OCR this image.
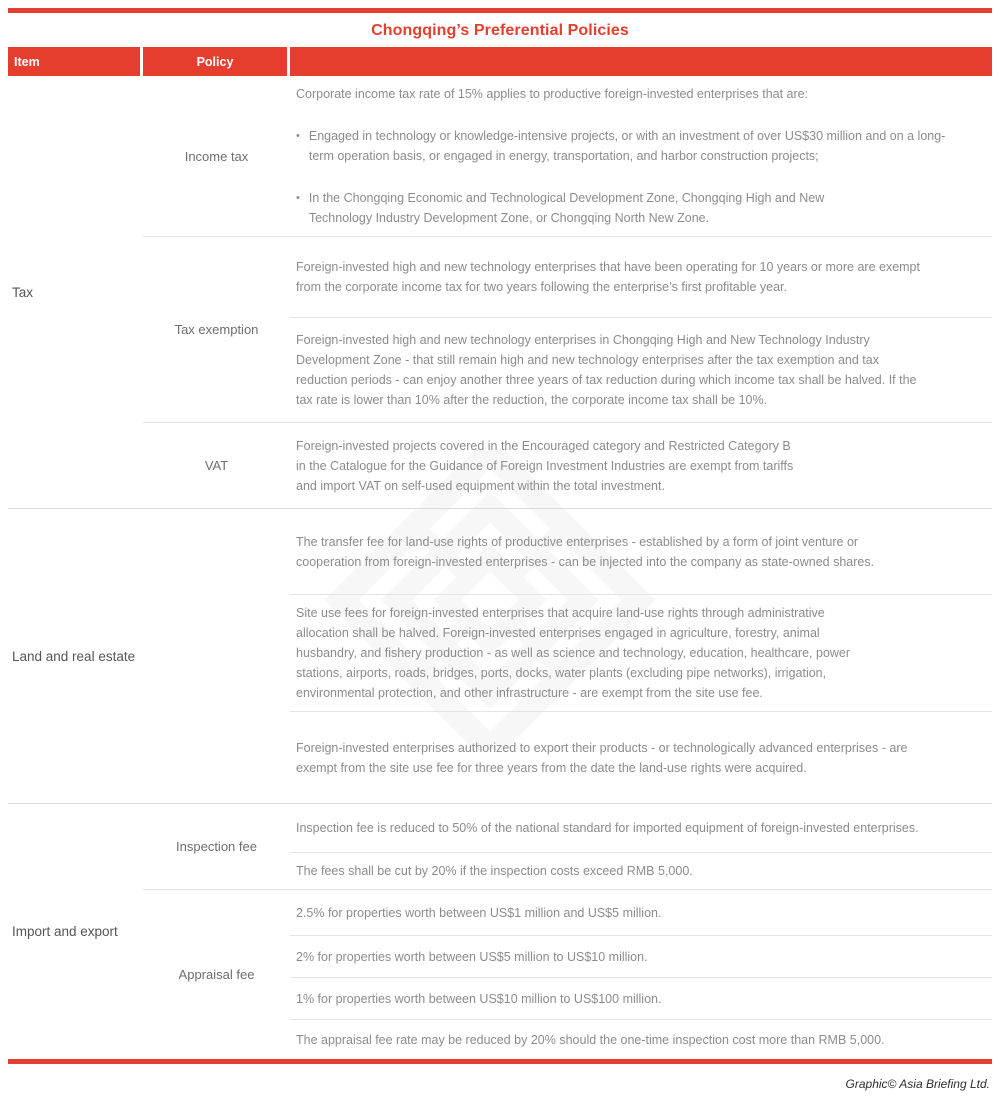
Chongqing’s Preferential Policies
Item	Policy
Tax
Income tax

Corporate income tax rate of 15% applies to productive foreign-invested enterprises that are:

• Engaged in technology or knowledge-intensive projects, or with an investment of over US$30 million and on a long-term operation basis, or engaged in energy, transportation, and harbor construction projects;

• In the Chongqing Economic and Technological Development Zone, Chongqing High and New Technology Industry Development Zone, or Chongqing North New Zone.

Tax exemption

Foreign-invested high and new technology enterprises that have been operating for 10 years or more are exempt from the corporate income tax for two years following the enterprise’s first profitable year.

Foreign-invested high and new technology enterprises in Chongqing High and New Technology Industry Development Zone - that still remain high and new technology enterprises after the tax exemption and tax reduction periods - can enjoy another three years of tax reduction during which income tax shall be halved. If the tax rate is lower than 10% after the reduction, the corporate income tax shall be 10%.

VAT

Foreign-invested projects covered in the Encouraged category and Restricted Category B in the Catalogue for the Guidance of Foreign Investment Industries are exempt from tariffs and import VAT on self-used equipment within the total investment.

Land and real estate

The transfer fee for land-use rights of productive enterprises - established by a form of joint venture or cooperation from foreign-invested enterprises - can be injected into the company as state-owned shares.

Site use fees for foreign-invested enterprises that acquire land-use rights through administrative allocation shall be halved. Foreign-invested enterprises engaged in agriculture, forestry, animal husbandry, and fishery production - as well as science and technology, education, healthcare, power stations, airports, roads, bridges, ports, docks, water plants (excluding pipe networks), irrigation, environmental protection, and other infrastructure - are exempt from the site use fee.

Foreign-invested enterprises authorized to export their products - or technologically advanced enterprises - are exempt from the site use fee for three years from the date the land-use rights were acquired.

Import and export
Inspection fee

Inspection fee is reduced to 50% of the national standard for imported equipment of foreign-invested enterprises.

The fees shall be cut by 20% if the inspection costs exceed RMB 5,000.

Appraisal fee

2.5% for properties worth between US$1 million and US$5 million.

2% for properties worth between US$5 million to US$10 million.

1% for properties worth between US$10 million to US$100 million.

The appraisal fee rate may be reduced by 20% should the one-time inspection cost more than RMB 5,000.

Graphic© Asia Briefing Ltd.
